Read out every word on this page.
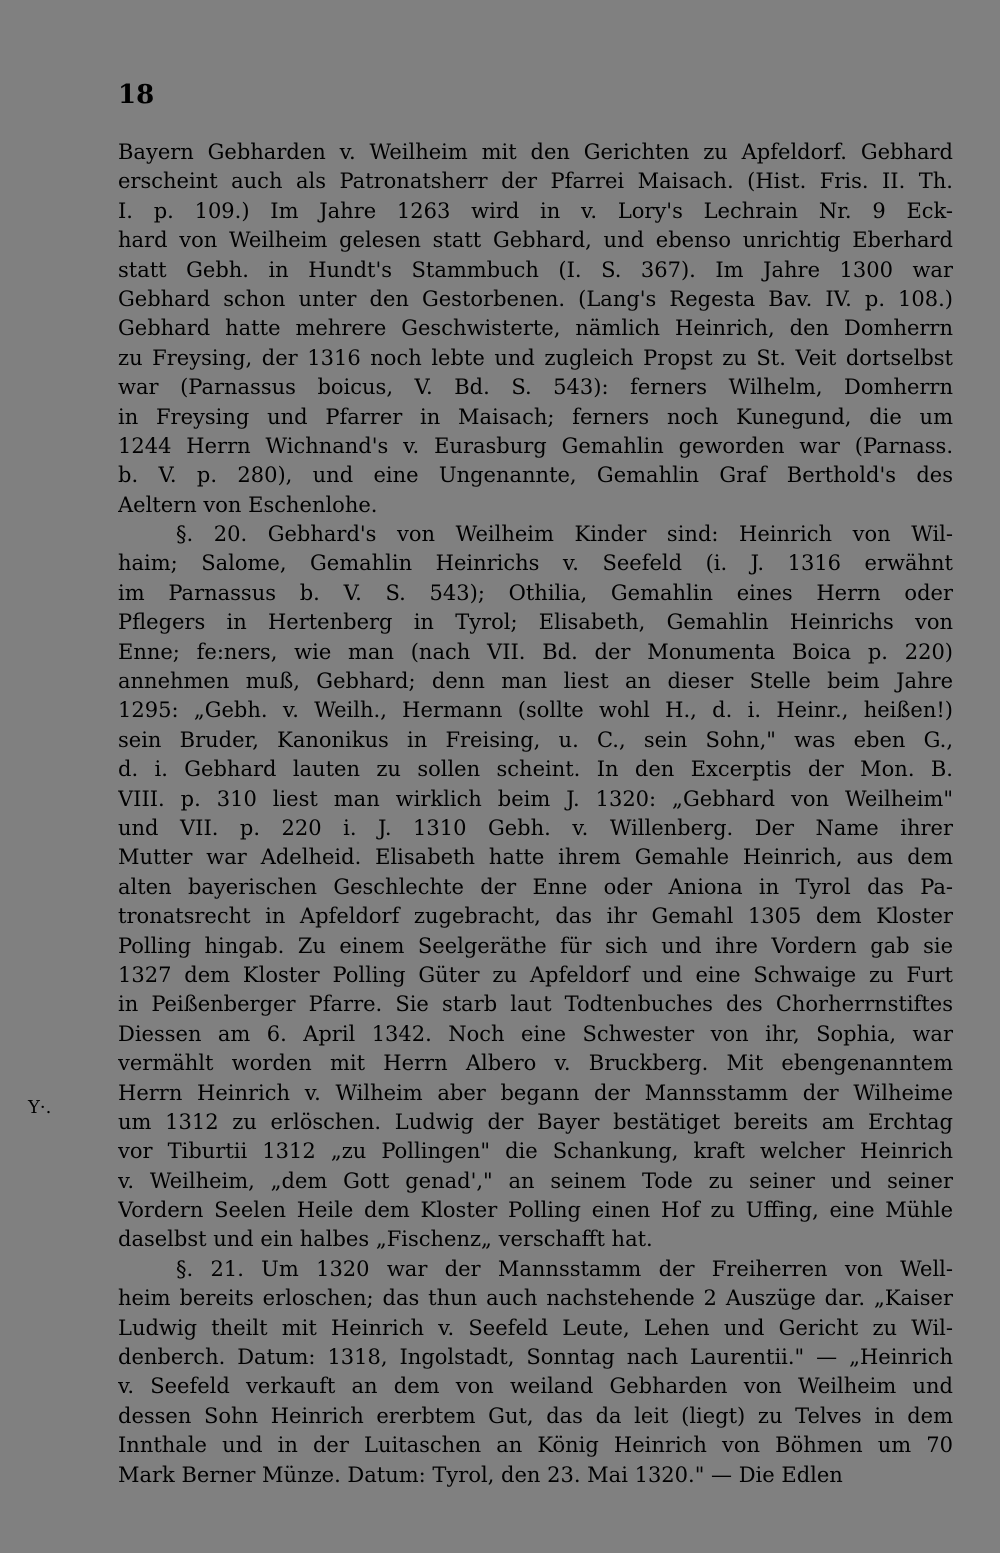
18
Y·.
Bayern Gebharden v. Weilheim mit den Gerichten zu Apfeldorf. Gebhard
erscheint auch als Patronatsherr der Pfarrei Maisach. (Hist. Fris. II. Th.
I. p. 109.) Im Jahre 1263 wird in v. Lory's Lechrain Nr. 9 Eck-
hard von Weilheim gelesen statt Gebhard, und ebenso unrichtig Eberhard
statt Gebh. in Hundt's Stammbuch (I. S. 367). Im Jahre 1300 war
Gebhard schon unter den Gestorbenen. (Lang's Regesta Bav. IV. p. 108.)
Gebhard hatte mehrere Geschwisterte, nämlich Heinrich, den Domherrn
zu Freysing, der 1316 noch lebte und zugleich Propst zu St. Veit dortselbst
war (Parnassus boicus, V. Bd. S. 543): ferners Wilhelm, Domherrn
in Freysing und Pfarrer in Maisach; ferners noch Kunegund, die um
1244 Herrn Wichnand's v. Eurasburg Gemahlin geworden war (Parnass.
b. V. p. 280), und eine Ungenannte, Gemahlin Graf Berthold's des
Aeltern von Eschenlohe.
§. 20. Gebhard's von Weilheim Kinder sind: Heinrich von Wil-
haim; Salome, Gemahlin Heinrichs v. Seefeld (i. J. 1316 erwähnt
im Parnassus b. V. S. 543); Othilia, Gemahlin eines Herrn oder
Pflegers in Hertenberg in Tyrol; Elisabeth, Gemahlin Heinrichs von
Enne; fe:ners, wie man (nach VII. Bd. der Monumenta Boica p. 220)
annehmen muß, Gebhard; denn man liest an dieser Stelle beim Jahre
1295: „Gebh. v. Weilh., Hermann (sollte wohl H., d. i. Heinr., heißen!)
sein Bruder, Kanonikus in Freising, u. C., sein Sohn," was eben G.,
d. i. Gebhard lauten zu sollen scheint. In den Excerptis der Mon. B.
VIII. p. 310 liest man wirklich beim J. 1320: „Gebhard von Weilheim"
und VII. p. 220 i. J. 1310 Gebh. v. Willenberg. Der Name ihrer
Mutter war Adelheid. Elisabeth hatte ihrem Gemahle Heinrich, aus dem
alten bayerischen Geschlechte der Enne oder Aniona in Tyrol das Pa-
tronatsrecht in Apfeldorf zugebracht, das ihr Gemahl 1305 dem Kloster
Polling hingab. Zu einem Seelgeräthe für sich und ihre Vordern gab sie
1327 dem Kloster Polling Güter zu Apfeldorf und eine Schwaige zu Furt
in Peißenberger Pfarre. Sie starb laut Todtenbuches des Chorherrnstiftes
Diessen am 6. April 1342. Noch eine Schwester von ihr, Sophia, war
vermählt worden mit Herrn Albero v. Bruckberg. Mit ebengenanntem
Herrn Heinrich v. Wilheim aber begann der Mannsstamm der Wilheime
um 1312 zu erlöschen. Ludwig der Bayer bestätiget bereits am Erchtag
vor Tiburtii 1312 „zu Pollingen" die Schankung, kraft welcher Heinrich
v. Weilheim, „dem Gott genad'," an seinem Tode zu seiner und seiner
Vordern Seelen Heile dem Kloster Polling einen Hof zu Uffing, eine Mühle
daselbst und ein halbes „Fischenz„ verschafft hat.
§. 21. Um 1320 war der Mannsstamm der Freiherren von Well-
heim bereits erloschen; das thun auch nachstehende 2 Auszüge dar. „Kaiser
Ludwig theilt mit Heinrich v. Seefeld Leute, Lehen und Gericht zu Wil-
denberch. Datum: 1318, Ingolstadt, Sonntag nach Laurentii." — „Heinrich
v. Seefeld verkauft an dem von weiland Gebharden von Weilheim und
dessen Sohn Heinrich ererbtem Gut, das da leit (liegt) zu Telves in dem
Innthale und in der Luitaschen an König Heinrich von Böhmen um 70
Mark Berner Münze. Datum: Tyrol, den 23. Mai 1320." — Die Edlen
